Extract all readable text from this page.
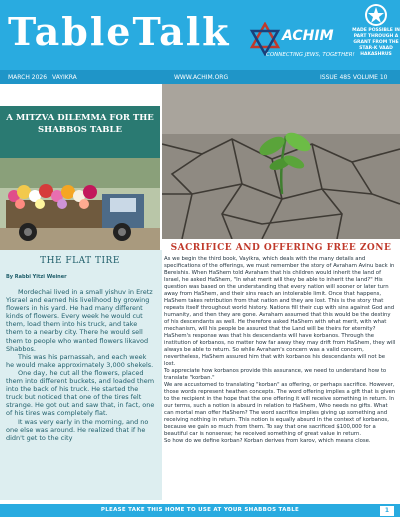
TableTalk	ACHIM
CONNECTING JEWS, TOGETHER!
MADE POSSIBLE IN PART THROUGH A GRANT FROM THE STAR-K VAAD HAKASHRUS
MARCH 2026 VAYIKRA	WWW.ACHIM.ORG	ISSUE 485 VOLUME 10
A MITZVA DILEMMA FOR THE SHABBOS TABLE
THE FLAT TIRE
By Rabbi Yitzi Weiner

Mordechai lived in a small yishuv in Eretz Yisrael and earned his livelihood by growing flowers in his yard. He had many different kinds of flowers. Every week he would cut them, load them into his truck, and take them to a nearby city. There he would sell them to people who wanted flowers likavod Shabbos.

This was his parnassah, and each week he would make approximately 3,000 shekels.

One day, he cut all the flowers, placed them into different buckets, and loaded them into the back of his truck. He started the truck but noticed that one of the tires felt strange. He got out and saw that, in fact, one of his tires was completely flat.

It was very early in the morning, and no one else was around. He realized that if he didn't get to the city

SACRIFICE AND OFFERING FREE ZONE

As we begin the third book, Vayikra, which deals with the many details and specifications of the offerings, we must remember the story of Avraham Avinu back in Bereishis. When HaShem told Avraham that his children would inherit the land of Israel, he asked HaShem, "In what merit will they be able to inherit the land?" His question was based on the understanding that every nation will sooner or later turn away from HaShem, and their sins reach an intolerable limit. Once that happens, HaShem takes retribution from that nation and they are lost. This is the story that repeats itself throughout world history. Nations fill their cup with sins against God and humanity, and then they are gone. Avraham assumed that this would be the destiny of his descendants as well. He therefore asked HaShem with what merit, with what mechanism, will his people be assured that the Land will be theirs for eternity?

HaShem's response was that his descendants will have korbanos. Through the institution of korbanos, no matter how far away they may drift from HaShem, they will always be able to return. So while Avraham's concern was a valid concern, nevertheless, HaShem assured him that with korbanos his descendants will not be lost.

To appreciate how korbanos provide this assurance, we need to understand how to translate "korban."

We are accustomed to translating "korban" as offering, or perhaps sacrifice. However, those words represent heathen concepts. The word offering implies a gift that is given to the recipient in the hope that the one offering it will receive something in return. In our terms, such a notion is absurd in relation to HaShem, Who needs no gifts. What can mortal man offer HaShem? The word sacrifice implies giving up something and receiving nothing in return. This notion is equally absurd in the context of korbanos, because we gain so much from them. To say that one sacrificed $100,000 for a beautiful car is nonsense; he received something of great value in return.

So how do we define korban? Korban derives from karov, which means close.

PLEASE TAKE THIS HOME TO USE AT YOUR SHABBOS TABLE	1
